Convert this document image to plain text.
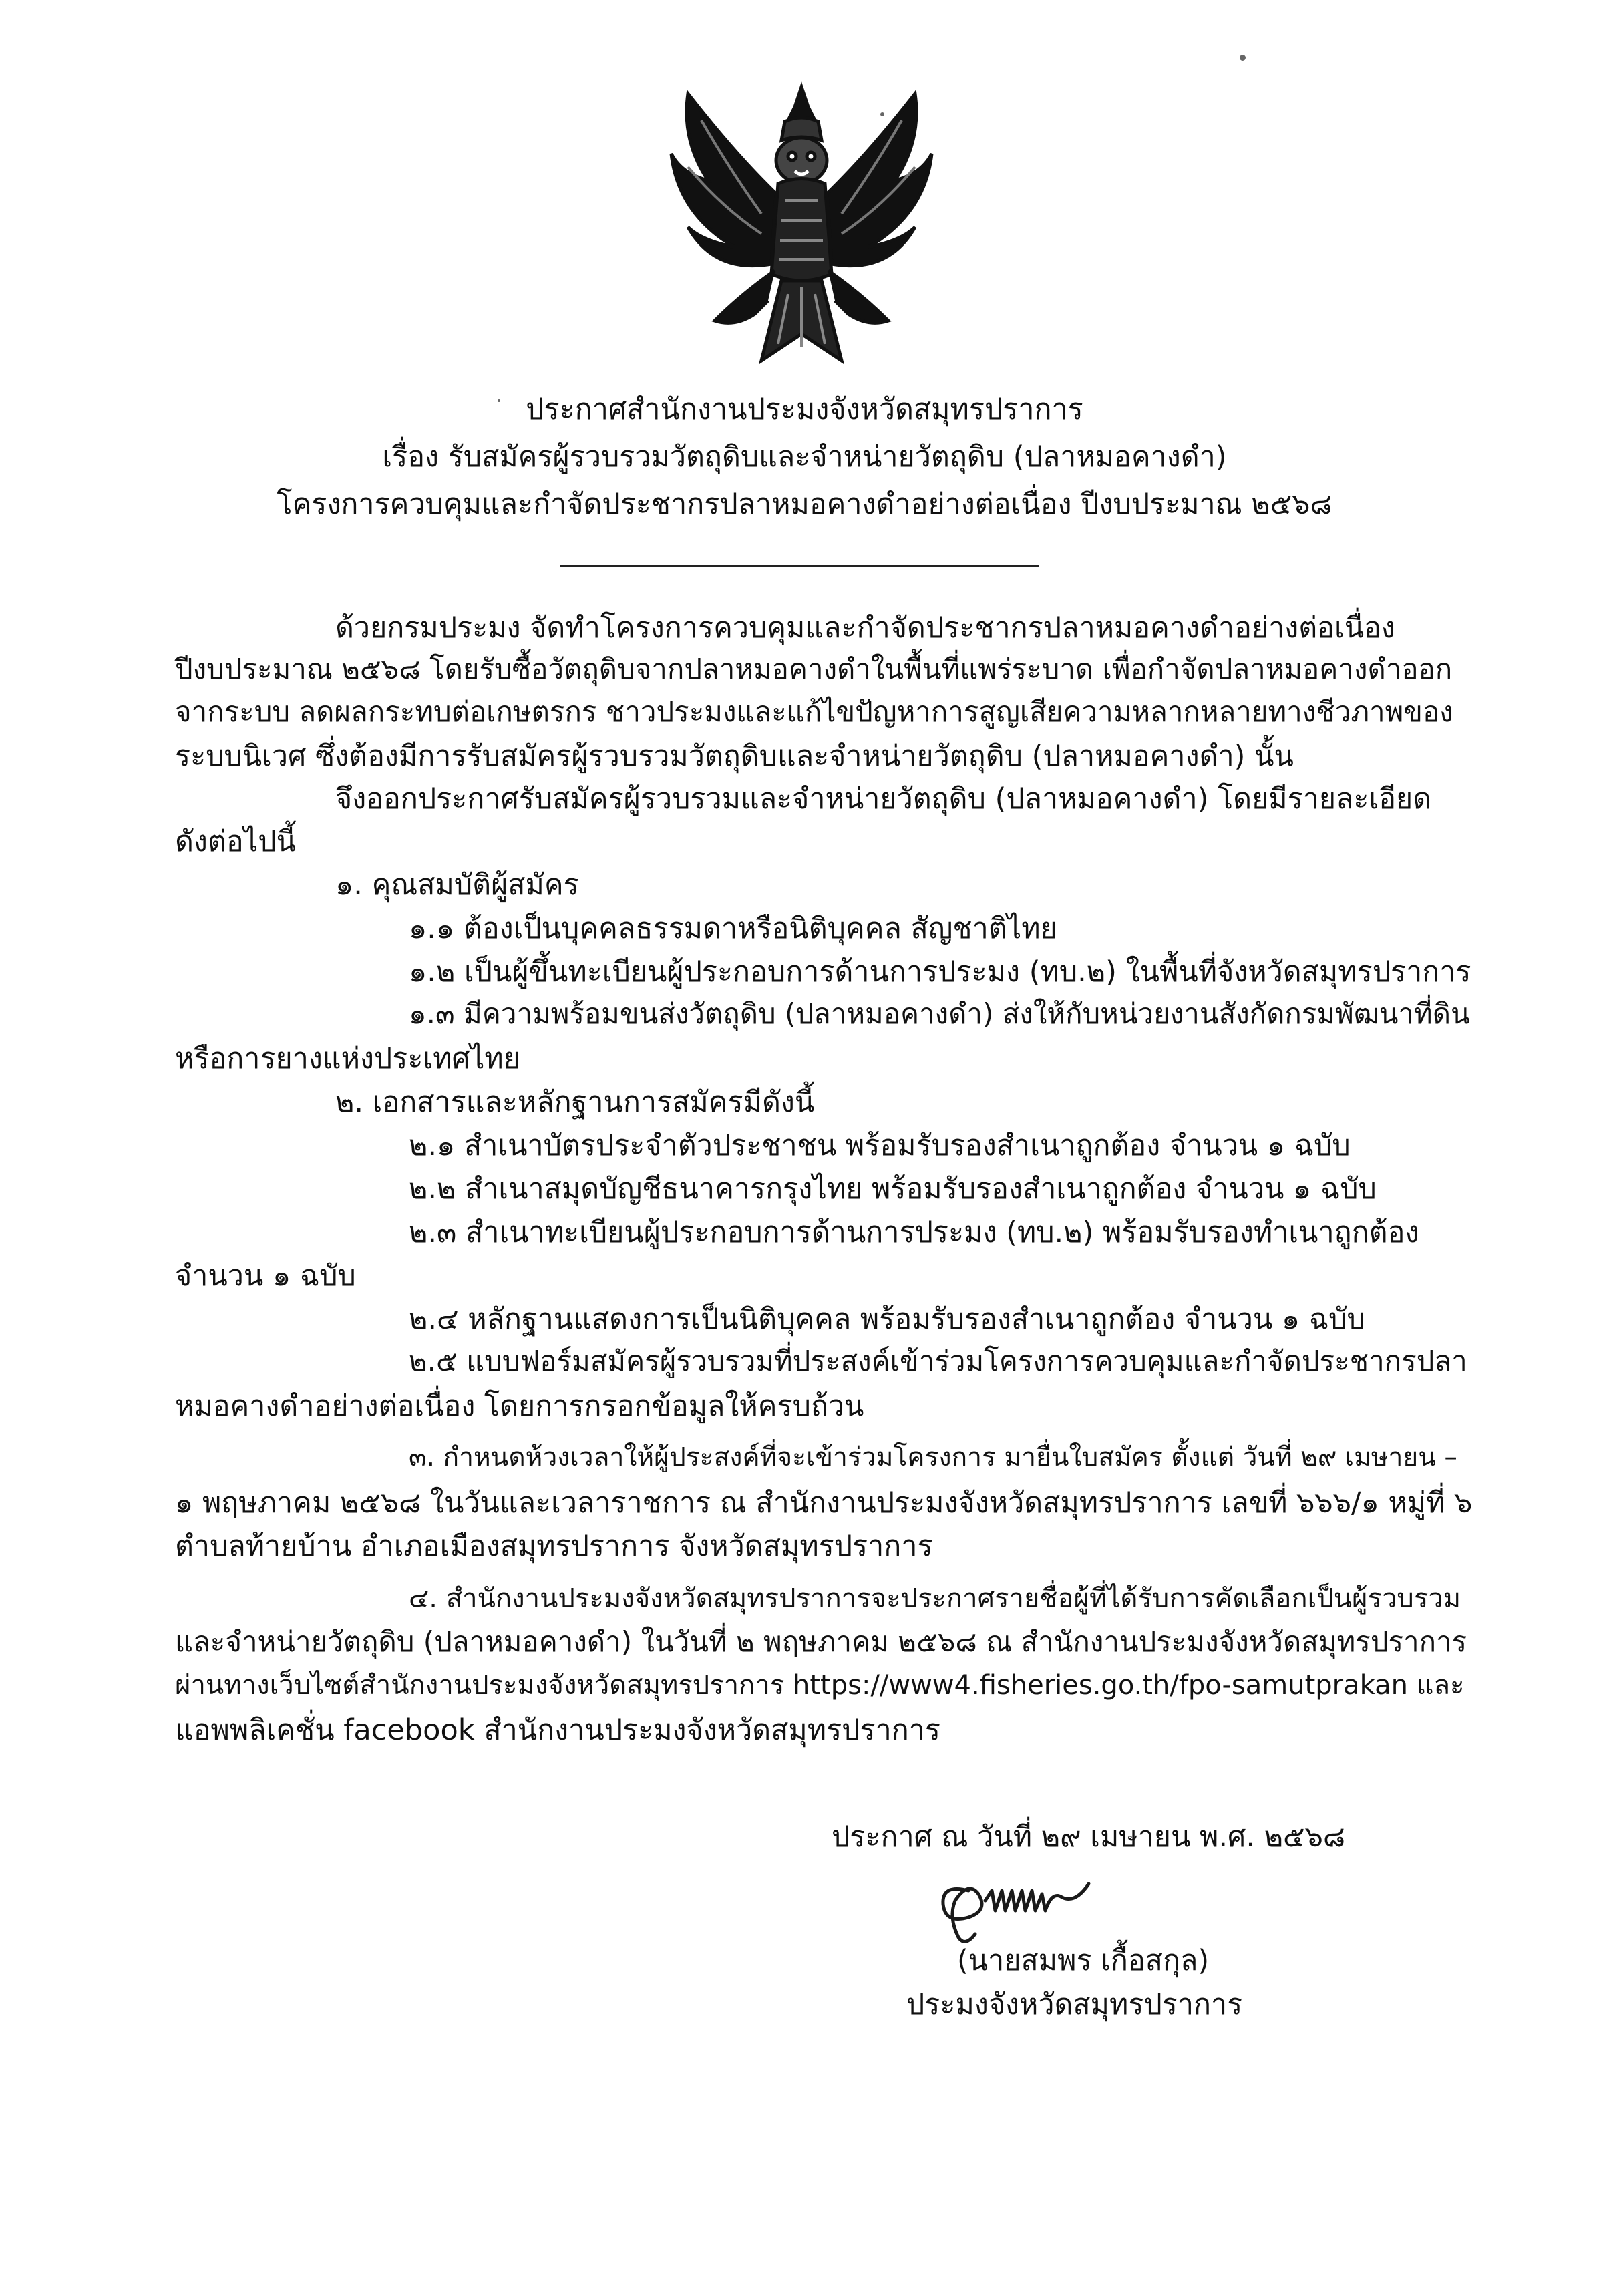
ประกาศสำนักงานประมงจังหวัดสมุทรปราการ
เรื่อง รับสมัครผู้รวบรวมวัตถุดิบและจำหน่ายวัตถุดิบ (ปลาหมอคางดำ)
โครงการควบคุมและกำจัดประชากรปลาหมอคางดำอย่างต่อเนื่อง ปีงบประมาณ ๒๕๖๘
ด้วยกรมประมง จัดทำโครงการควบคุมและกำจัดประชากรปลาหมอคางดำอย่างต่อเนื่อง
ปีงบประมาณ ๒๕๖๘ โดยรับซื้อวัตถุดิบจากปลาหมอคางดำในพื้นที่แพร่ระบาด เพื่อกำจัดปลาหมอคางดำออก
จากระบบ ลดผลกระทบต่อเกษตรกร ชาวประมงและแก้ไขปัญหาการสูญเสียความหลากหลายทางชีวภาพของ
ระบบนิเวศ ซึ่งต้องมีการรับสมัครผู้รวบรวมวัตถุดิบและจำหน่ายวัตถุดิบ (ปลาหมอคางดำ) นั้น
จึงออกประกาศรับสมัครผู้รวบรวมและจำหน่ายวัตถุดิบ (ปลาหมอคางดำ) โดยมีรายละเอียด
ดังต่อไปนี้
๑. คุณสมบัติผู้สมัคร
๑.๑ ต้องเป็นบุคคลธรรมดาหรือนิติบุคคล สัญชาติไทย
๑.๒ เป็นผู้ขึ้นทะเบียนผู้ประกอบการด้านการประมง (ทบ.๒) ในพื้นที่จังหวัดสมุทรปราการ
๑.๓ มีความพร้อมขนส่งวัตถุดิบ (ปลาหมอคางดำ) ส่งให้กับหน่วยงานสังกัดกรมพัฒนาที่ดิน
หรือการยางแห่งประเทศไทย
๒. เอกสารและหลักฐานการสมัครมีดังนี้
๒.๑ สำเนาบัตรประจำตัวประชาชน พร้อมรับรองสำเนาถูกต้อง จำนวน ๑ ฉบับ
๒.๒ สำเนาสมุดบัญชีธนาคารกรุงไทย พร้อมรับรองสำเนาถูกต้อง จำนวน ๑ ฉบับ
๒.๓ สำเนาทะเบียนผู้ประกอบการด้านการประมง (ทบ.๒) พร้อมรับรองทำเนาถูกต้อง
จำนวน ๑ ฉบับ
๒.๔ หลักฐานแสดงการเป็นนิติบุคคล พร้อมรับรองสำเนาถูกต้อง จำนวน ๑ ฉบับ
๒.๕ แบบฟอร์มสมัครผู้รวบรวมที่ประสงค์เข้าร่วมโครงการควบคุมและกำจัดประชากรปลา
หมอคางดำอย่างต่อเนื่อง โดยการกรอกข้อมูลให้ครบถ้วน
๓. กำหนดห้วงเวลาให้ผู้ประสงค์ที่จะเข้าร่วมโครงการ มายื่นใบสมัคร ตั้งแต่ วันที่ ๒๙ เมษายน –
๑ พฤษภาคม ๒๕๖๘ ในวันและเวลาราชการ ณ สำนักงานประมงจังหวัดสมุทรปราการ เลขที่ ๖๖๖/๑ หมู่ที่ ๖
ตำบลท้ายบ้าน อำเภอเมืองสมุทรปราการ จังหวัดสมุทรปราการ
๔. สำนักงานประมงจังหวัดสมุทรปราการจะประกาศรายชื่อผู้ที่ได้รับการคัดเลือกเป็นผู้รวบรวม
และจำหน่ายวัตถุดิบ (ปลาหมอคางดำ) ในวันที่ ๒ พฤษภาคม ๒๕๖๘ ณ สำนักงานประมงจังหวัดสมุทรปราการ
ผ่านทางเว็บไซต์สำนักงานประมงจังหวัดสมุทรปราการ https://www4.fisheries.go.th/fpo-samutprakan และ
แอพพลิเคชั่น facebook สำนักงานประมงจังหวัดสมุทรปราการ
ประกาศ ณ วันที่ ๒๙ เมษายน พ.ศ. ๒๕๖๘
(นายสมพร เกื้อสกุล)
ประมงจังหวัดสมุทรปราการ
